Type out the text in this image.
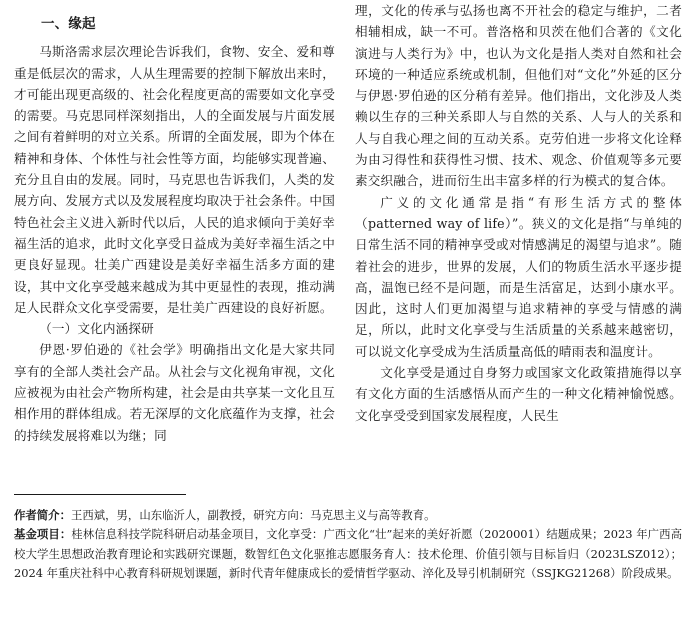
一、缘起

马斯洛需求层次理论告诉我们，食物、安全、爱和尊重是低层次的需求，人从生理需要的控制下解放出来时，才可能出现更高级的、社会化程度更高的需要如文化享受的需要。马克思同样深刻指出，人的全面发展与片面发展之间有着鲜明的对立关系。所谓的全面发展，即为个体在精神和身体、个体性与社会性等方面，均能够实现普遍、充分且自由的发展。同时，马克思也告诉我们，人类的发展方向、发展方式以及发展程度均取决于社会条件。中国特色社会主义进入新时代以后，人民的追求倾向于美好幸福生活的追求，此时文化享受日益成为美好幸福生活之中更良好显现。壮美广西建设是美好幸福生活多方面的建设，其中文化享受越来越成为其中更显性的表现，推动满足人民群众文化享受需要，是壮美广西建设的良好祈愿。

（一）文化内涵探研

伊恩·罗伯逊的《社会学》明确指出文化是大家共同享有的全部人类社会产品。从社会与文化视角审视，文化应被视为由社会产物所构建，社会是由共享某一文化且互相作用的群体组成。若无深厚的文化底蕴作为支撑，社会的持续发展将难以为继；同

理，文化的传承与弘扬也离不开社会的稳定与维护，二者相辅相成，缺一不可。普洛格和贝茨在他们合著的《文化演进与人类行为》中，也认为文化是指人类对自然和社会环境的一种适应系统或机制，但他们对“文化”外延的区分与伊恩·罗伯逊的区分稍有差异。他们指出，文化涉及人类赖以生存的三种关系即人与自然的关系、人与人的关系和人与自我心理之间的互动关系。克劳伯进一步将文化诠释为由习得性和获得性习惯、技术、观念、价值观等多元要素交织融合，进而衍生出丰富多样的行为模式的复合体。

广义的文化通常是指“有形生活方式的整体（patterned way of life）”。狭义的文化是指“与单纯的日常生活不同的精神享受或对情感满足的渴望与追求”。随着社会的进步，世界的发展，人们的物质生活水平逐步提高，温饱已经不是问题，而是生活富足，达到小康水平。因此，这时人们更加渴望与追求精神的享受与情感的满足，所以，此时文化享受与生活质量的关系越来越密切，可以说文化享受成为生活质量高低的晴雨表和温度计。

文化享受是通过自身努力或国家文化政策措施得以享有文化方面的生活感悟从而产生的一种文化精神愉悦感。文化享受受到国家发展程度，人民生

作者简介：王西斌，男，山东临沂人，副教授，研究方向：马克思主义与高等教育。

基金项目：桂林信息科技学院科研启动基金项目，文化享受：广西文化“壮”起来的美好祈愿（2020001）结题成果；2023 年广西高校大学生思想政治教育理论和实践研究课题，数智红色文化驱推志愿服务育人：技术伦理、价值引领与目标旨归（2023LSZ012）；2024 年重庆社科中心教育科研规划课题，新时代青年健康成长的爱情哲学驱动、淬化及导引机制研究（SSJKG21268）阶段成果。
